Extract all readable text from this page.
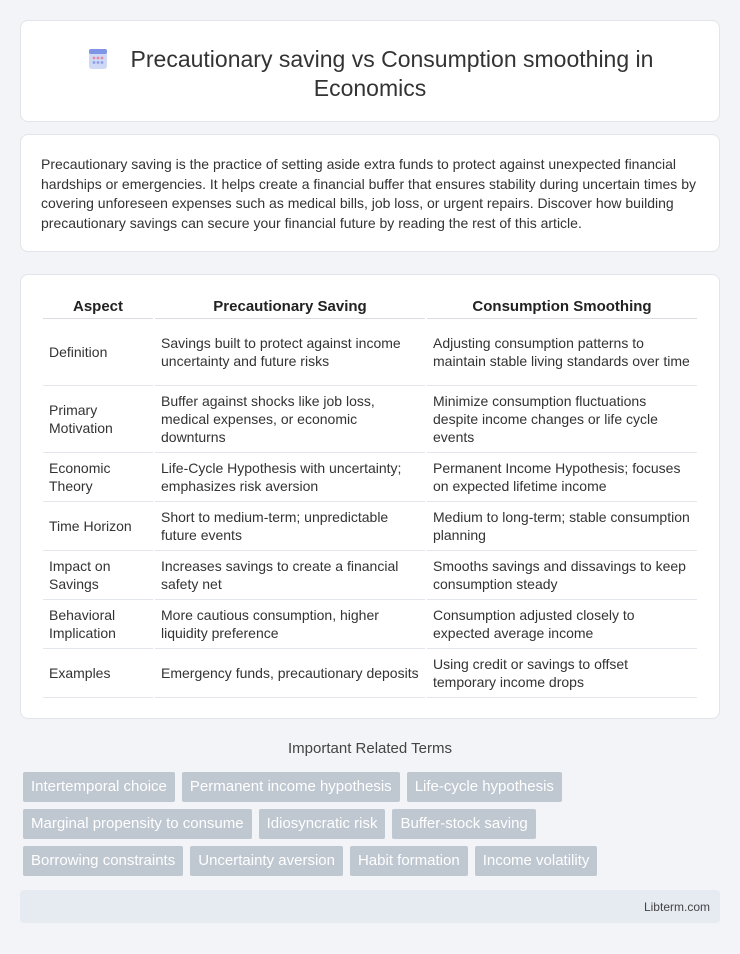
Precautionary saving vs Consumption smoothing in Economics

Precautionary saving is the practice of setting aside extra funds to protect against unexpected financial hardships or emergencies. It helps create a financial buffer that ensures stability during uncertain times by covering unforeseen expenses such as medical bills, job loss, or urgent repairs. Discover how building precautionary savings can secure your financial future by reading the rest of this article.

Aspect	Precautionary Saving	Consumption Smoothing
Definition	Savings built to protect against income uncertainty and future risks	Adjusting consumption patterns to maintain stable living standards over time
Primary Motivation	Buffer against shocks like job loss, medical expenses, or economic downturns	Minimize consumption fluctuations despite income changes or life cycle events
Economic Theory	Life-Cycle Hypothesis with uncertainty; emphasizes risk aversion	Permanent Income Hypothesis; focuses on expected lifetime income
Time Horizon	Short to medium-term; unpredictable future events	Medium to long-term; stable consumption planning
Impact on Savings	Increases savings to create a financial safety net	Smooths savings and dissavings to keep consumption steady
Behavioral Implication	More cautious consumption, higher liquidity preference	Consumption adjusted closely to expected average income
Examples	Emergency funds, precautionary deposits	Using credit or savings to offset temporary income drops
Important Related Terms
Intertemporal choice	Permanent income hypothesis	Life-cycle hypothesis
Marginal propensity to consume	Idiosyncratic risk	Buffer-stock saving
Borrowing constraints	Uncertainty aversion	Habit formation	Income volatility
Libterm.com
